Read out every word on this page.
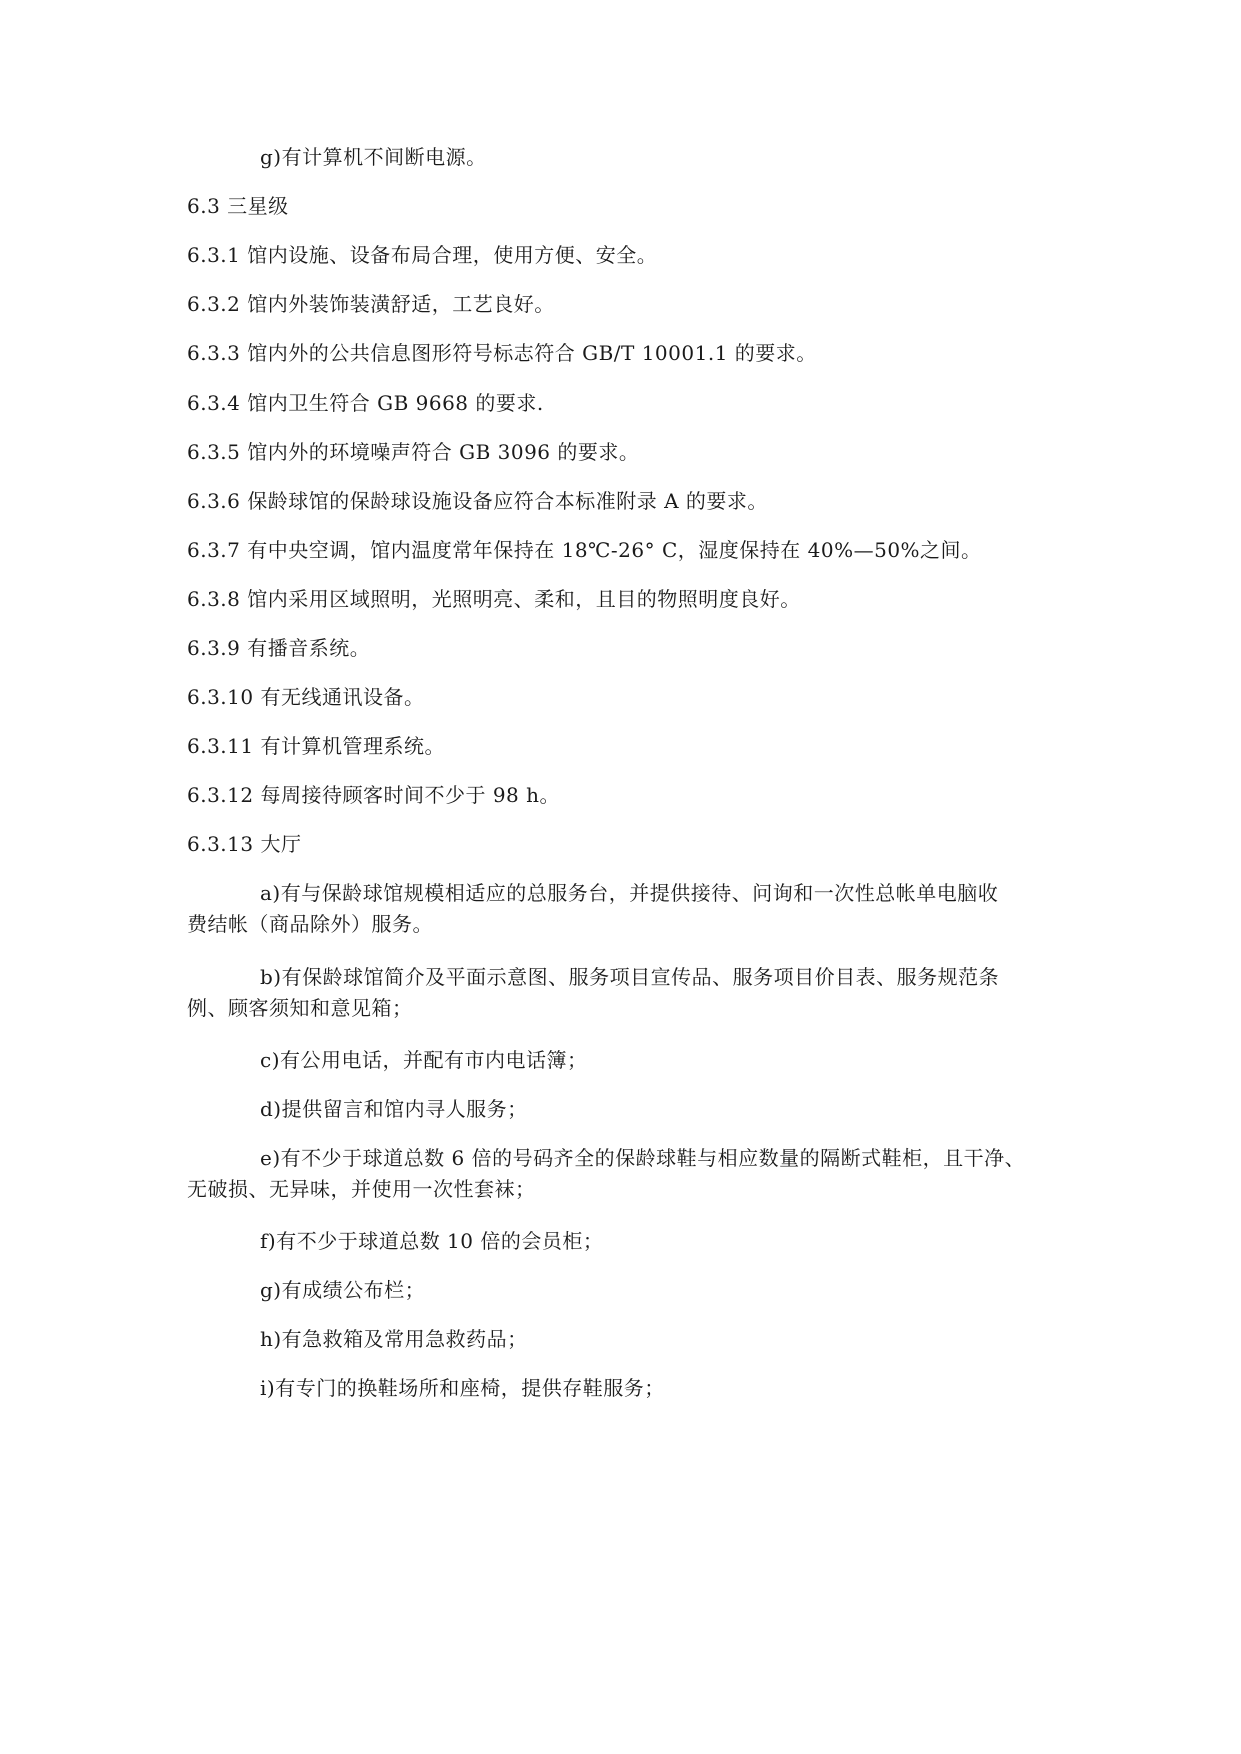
g)有计算机不间断电源。
6.3 三星级
6.3.1 馆内设施、设备布局合理，使用方便、安全。
6.3.2 馆内外装饰装潢舒适，工艺良好。
6.3.3 馆内外的公共信息图形符号标志符合 GB/T 10001.1 的要求。
6.3.4 馆内卫生符合 GB 9668 的要求.
6.3.5 馆内外的环境噪声符合 GB 3096 的要求。
6.3.6 保龄球馆的保龄球设施设备应符合本标准附录 A 的要求。
6.3.7 有中央空调，馆内温度常年保持在 18℃-26° C，湿度保持在 40%—50%之间。
6.3.8 馆内采用区域照明，光照明亮、柔和，且目的物照明度良好。
6.3.9 有播音系统。
6.3.10 有无线通讯设备。
6.3.11 有计算机管理系统。
6.3.12 每周接待顾客时间不少于 98 h。
6.3.13 大厅
a)有与保龄球馆规模相适应的总服务台，并提供接待、问询和一次性总帐单电脑收
费结帐（商品除外）服务。
b)有保龄球馆简介及平面示意图、服务项目宣传品、服务项目价目表、服务规范条
例、顾客须知和意见箱；
c)有公用电话，并配有市内电话簿；
d)提供留言和馆内寻人服务；
e)有不少于球道总数 6 倍的号码齐全的保龄球鞋与相应数量的隔断式鞋柜，且干净、
无破损、无异味，并使用一次性套袜；
f)有不少于球道总数 10 倍的会员柜；
g)有成绩公布栏；
h)有急救箱及常用急救药品；
i)有专门的换鞋场所和座椅，提供存鞋服务；
